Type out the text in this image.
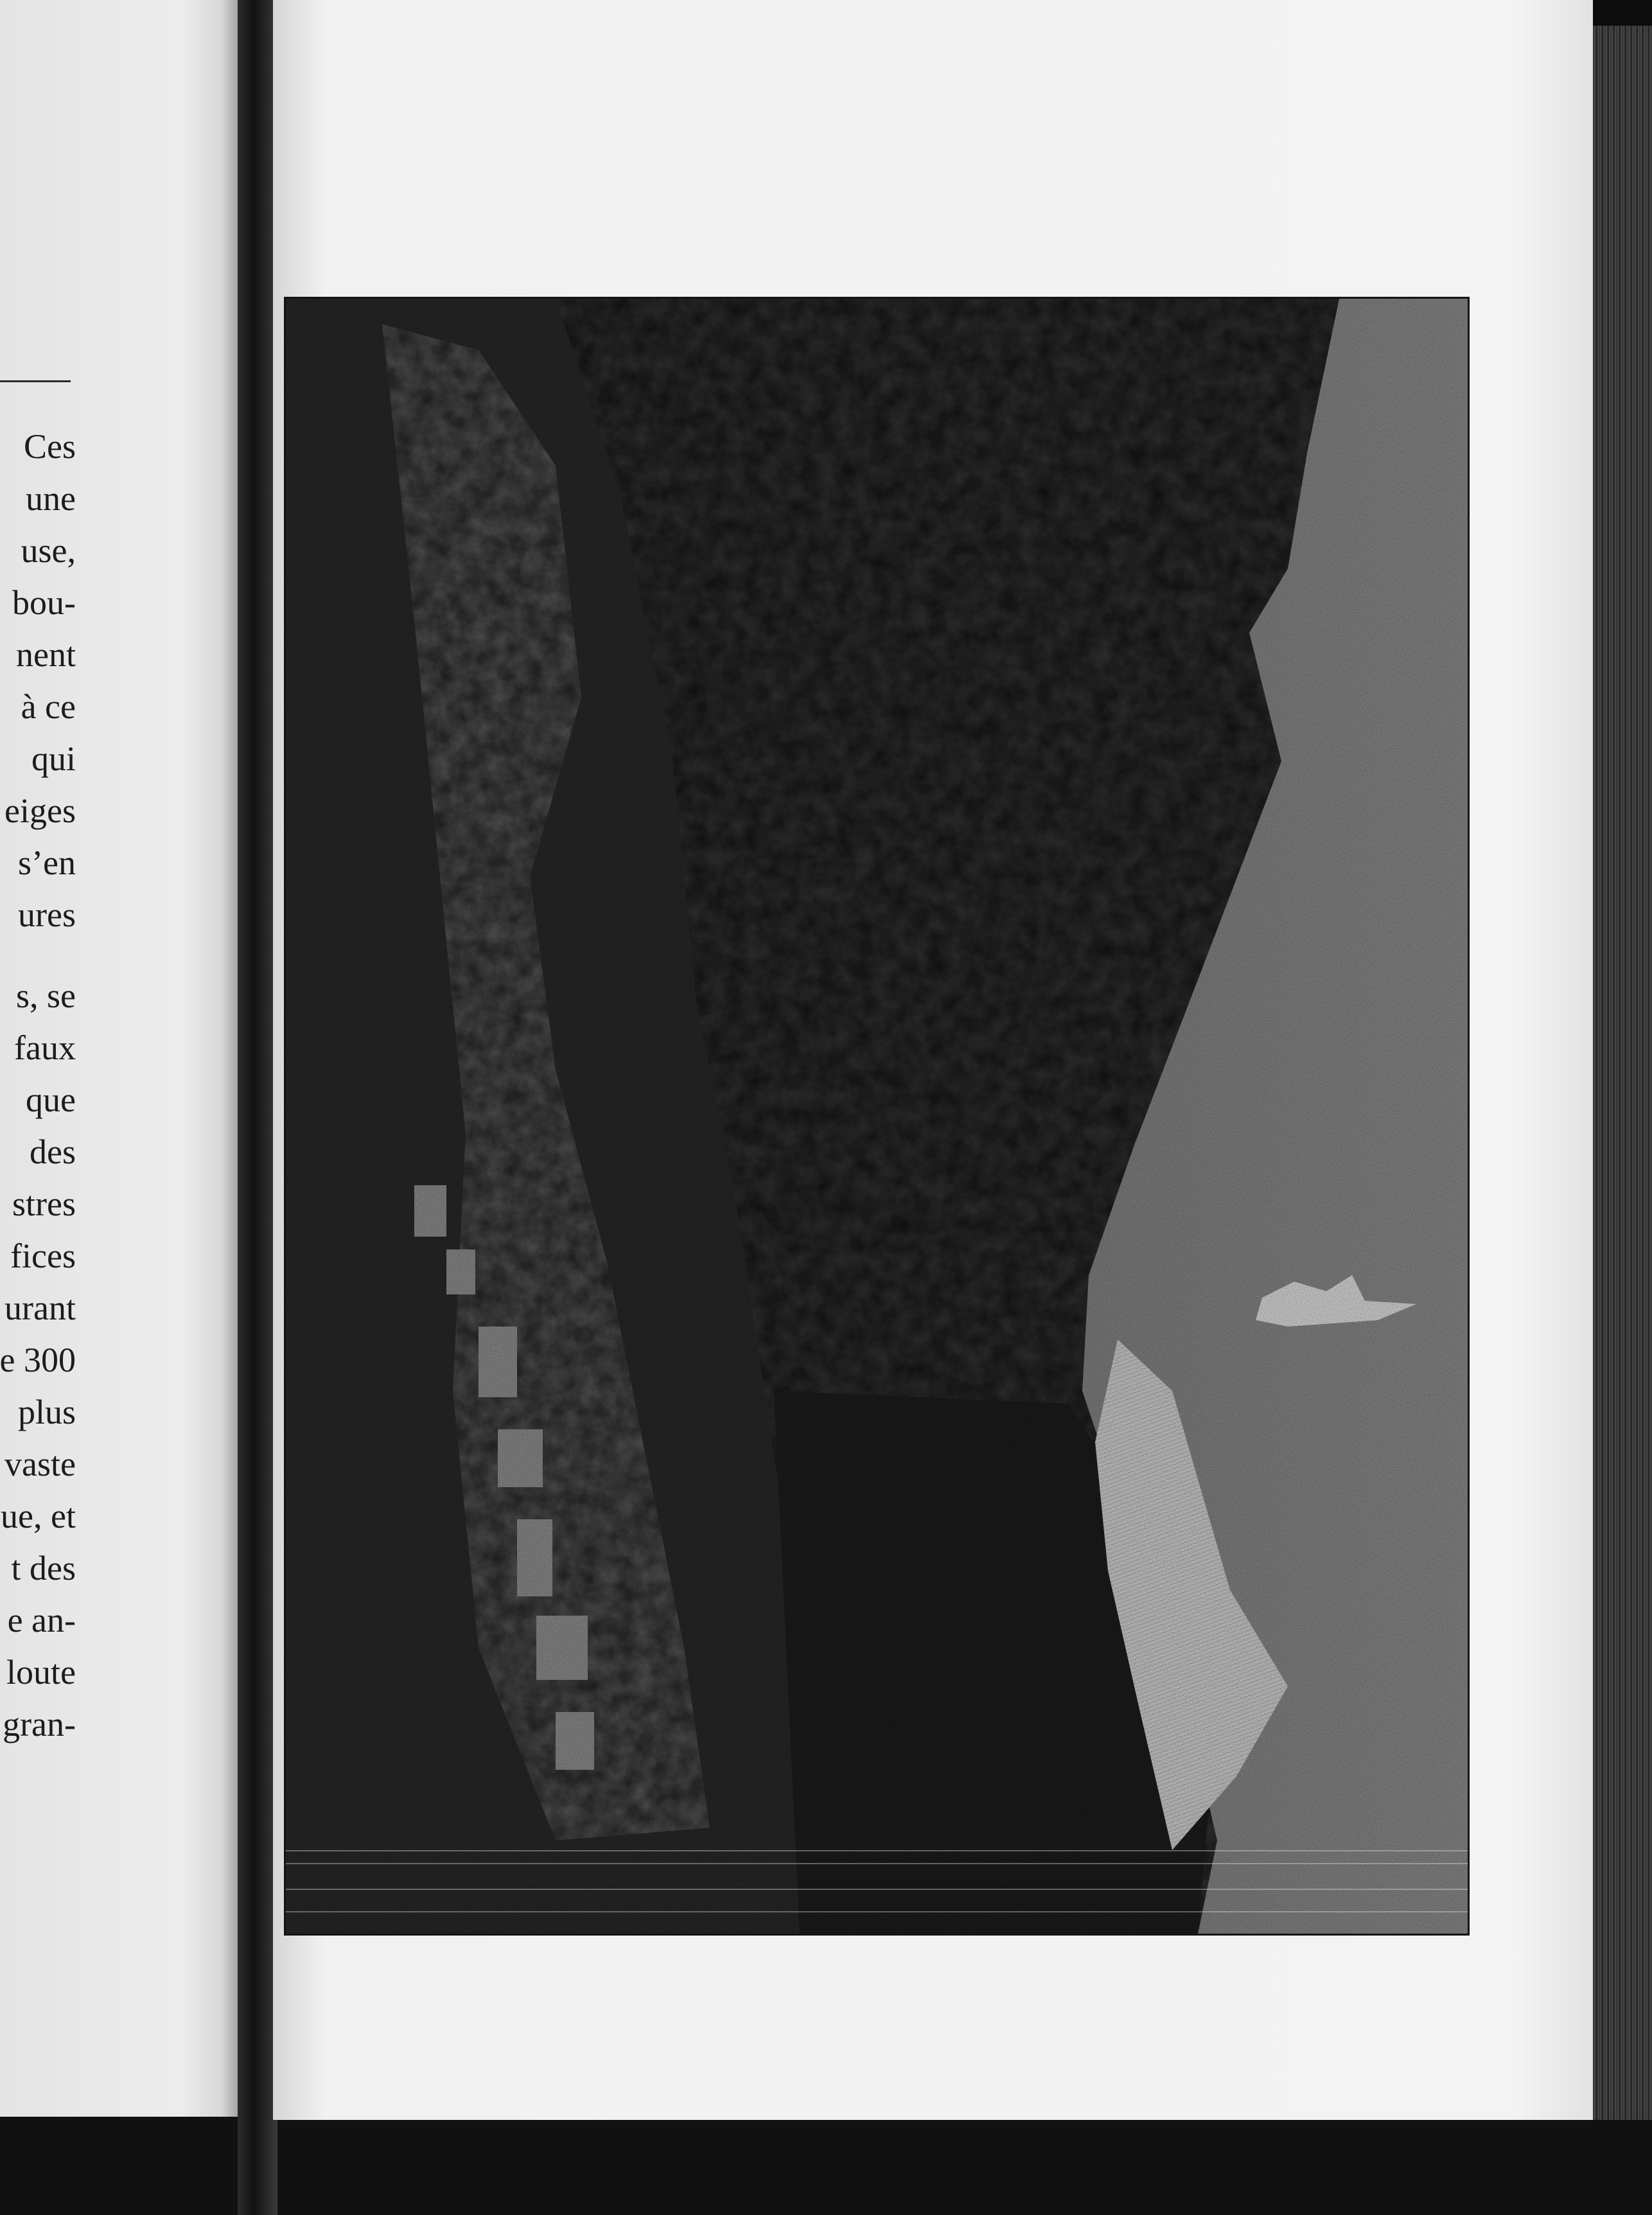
Ces
une
use,
bou-
nent
à ce
qui
eiges
s’en
ures
s, se
faux
que
des
stres
fices
urant
e 300
plus
vaste
ue, et
t des
e an-
loute
gran-
